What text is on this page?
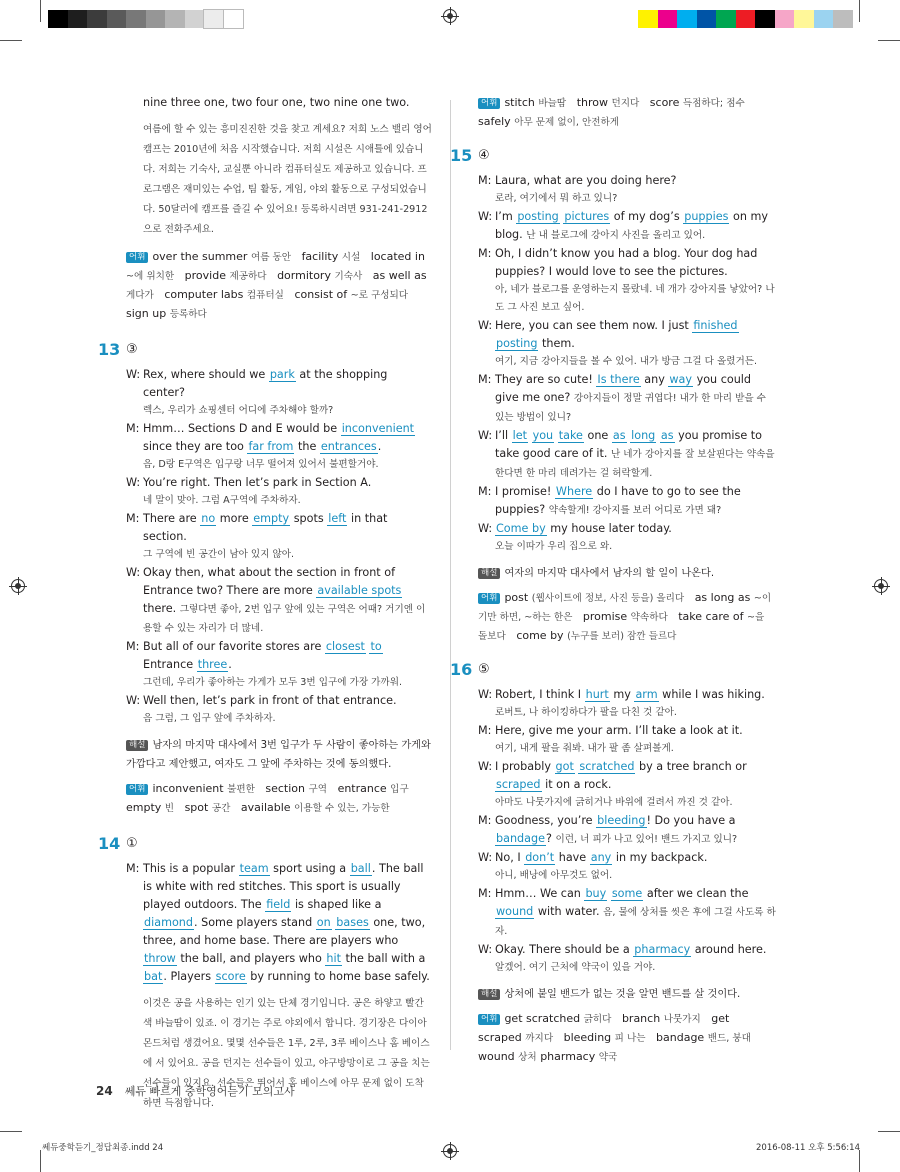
nine three one, two four one, two nine one two.
여름에 할 수 있는 흥미진진한 것을 찾고 계세요? 저희 노스 밸리 영어 캠프는 2010년에 처음 시작했습니다. 저희 시설은 시애틀에 있습니다. 저희는 기숙사, 교실뿐 아니라 컴퓨터실도 제공하고 있습니다. 프로그램은 재미있는 수업, 팀 활동, 게임, 야외 활동으로 구성되었습니다. 50달러에 캠프를 즐길 수 있어요! 등록하시려면 931-241-2912으로 전화주세요.
어휘 over the summer 여름 동안 facility 시설 located in ~에 위치한 provide 제공하다 dormitory 기숙사 as well as 게다가 computer labs 컴퓨터실 consist of ~로 구성되다 sign up 등록하다
13 ③
W: Rex, where should we park at the shopping center?
렉스, 우리가 쇼핑센터 어디에 주차해야 할까?
M: Hmm… Sections D and E would be inconvenient since they are too far from the entrances.
음, D랑 E구역은 입구랑 너무 떨어져 있어서 불편할거야.
W: You’re right. Then let’s park in Section A.
네 말이 맞아. 그럼 A구역에 주차하자.
M: There are no more empty spots left in that section.
그 구역에 빈 공간이 남아 있지 않아.
W: Okay then, what about the section in front of Entrance two? There are more available spots there. 그렇다면 좋아, 2번 입구 앞에 있는 구역은 어때? 거기엔 이용할 수 있는 자리가 더 많네.
M: But all of our favorite stores are closest to Entrance three.
그런데, 우리가 좋아하는 가게가 모두 3번 입구에 가장 가까워.
W: Well then, let’s park in front of that entrance.
음 그럼, 그 입구 앞에 주차하자.
해설 남자의 마지막 대사에서 3번 입구가 두 사람이 좋아하는 가게와 가깝다고 제안했고, 여자도 그 앞에 주차하는 것에 동의했다.
어휘 inconvenient 불편한 section 구역 entrance 입구 empty 빈 spot 공간 available 이용할 수 있는, 가능한
14 ①
M: This is a popular team sport using a ball. The ball is white with red stitches. This sport is usually played outdoors. The field is shaped like a diamond. Some players stand on bases one, two, three, and home base. There are players who throw the ball, and players who hit the ball with a bat. Players score by running to home base safely.
이것은 공을 사용하는 인기 있는 단체 경기입니다. 공은 하얗고 빨간색 바늘땀이 있죠. 이 경기는 주로 야외에서 합니다. 경기장은 다이아몬드처럼 생겼어요. 몇몇 선수들은 1루, 2루, 3루 베이스나 홈 베이스에 서 있어요. 공을 던지는 선수들이 있고, 야구방망이로 그 공을 치는 선수들이 있지요. 선수들은 뛰어서 홈 베이스에 아무 문제 없이 도착하면 득점합니다.
어휘 stitch 바늘땀 throw 던지다 score 득점하다; 점수 safely 아무 문제 없이, 안전하게
15 ④
M: Laura, what are you doing here?
로라, 여기에서 뭐 하고 있니?
W: I’m posting pictures of my dog’s puppies on my blog. 난 내 블로그에 강아지 사진을 올리고 있어.
M: Oh, I didn’t know you had a blog. Your dog had puppies? I would love to see the pictures.
아, 네가 블로그를 운영하는지 몰랐네. 네 개가 강아지를 낳았어? 나도 그 사진 보고 싶어.
W: Here, you can see them now. I just finished posting them.
여기, 지금 강아지들을 볼 수 있어. 내가 방금 그걸 다 올렸거든.
M: They are so cute! Is there any way you could give me one? 강아지들이 정말 귀엽다! 내가 한 마리 받을 수 있는 방법이 있니?
W: I’ll let you take one as long as you promise to take good care of it. 난 네가 강아지를 잘 보살핀다는 약속을 한다면 한 마리 데려가는 걸 허락할게.
M: I promise! Where do I have to go to see the puppies? 약속할게! 강아지를 보러 어디로 가면 돼?
W: Come by my house later today.
오늘 이따가 우리 집으로 와.
해설 여자의 마지막 대사에서 남자의 할 일이 나온다.
어휘 post (웹사이트에 정보, 사진 등을) 올리다 as long as ~이기만 하면, ~하는 한은 promise 약속하다 take care of ~을 돌보다 come by (누구를 보러) 잠깐 들르다
16 ⑤
W: Robert, I think I hurt my arm while I was hiking.
로버트, 나 하이킹하다가 팔을 다친 것 같아.
M: Here, give me your arm. I’ll take a look at it.
여기, 내게 팔을 줘봐. 내가 팔 좀 살펴볼게.
W: I probably got scratched by a tree branch or scraped it on a rock.
아마도 나뭇가지에 긁히거나 바위에 걸려서 까진 것 같아.
M: Goodness, you’re bleeding! Do you have a bandage? 이런, 너 피가 나고 있어! 밴드 가지고 있니?
W: No, I don’t have any in my backpack.
아니, 배낭에 아무것도 없어.
M: Hmm… We can buy some after we clean the wound with water. 음, 물에 상처를 씻은 후에 그걸 사도록 하자.
W: Okay. There should be a pharmacy around here.
알겠어. 여기 근처에 약국이 있을 거야.
해설 상처에 붙일 밴드가 없는 것을 알면 밴드를 살 것이다.
어휘 get scratched 긁히다 branch 나뭇가지 get scraped 까지다 bleeding 피 나는 bandage 밴드, 붕대   wound 상처 pharmacy 약국
24 쎄듀 빠르게 중학영어듣기 모의고사
쎄듀중학듣기_정답최종.indd 24	2016-08-11 오후 5:56:14
